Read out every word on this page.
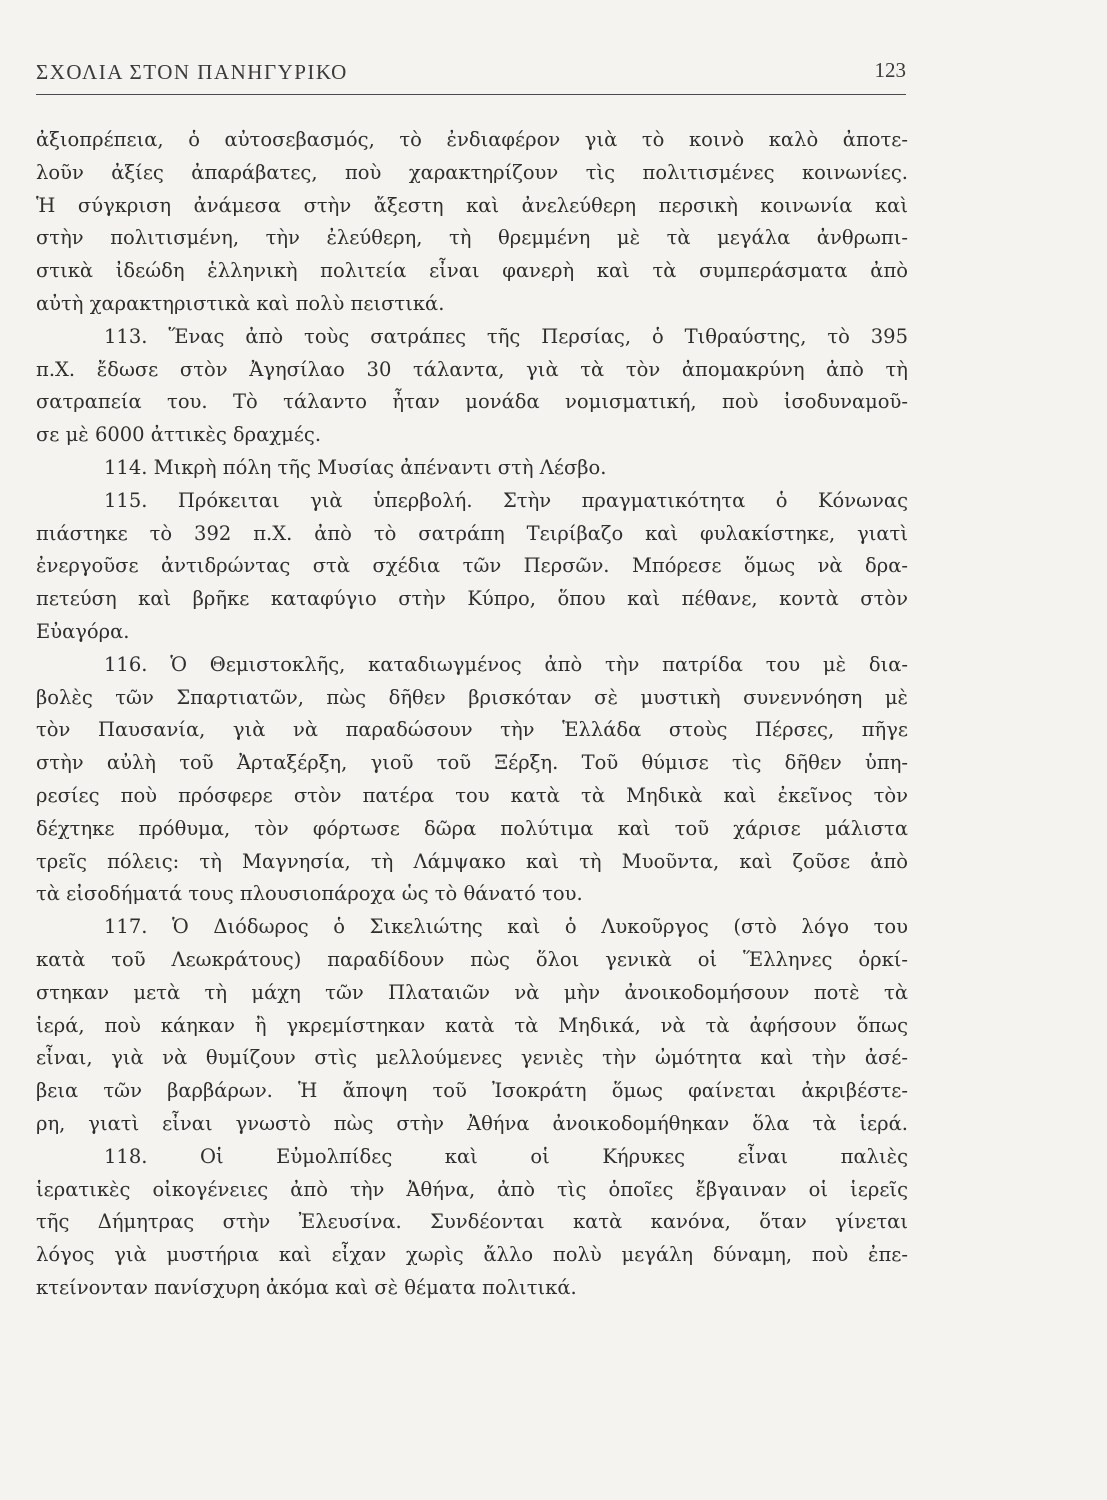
ΣΧΟΛΙΑ ΣΤΟΝ ΠΑΝΗΓΥΡΙΚΟ	123
ἀξιοπρέπεια, ὁ αὐτοσεβασμός, τὸ ἐνδιαφέρον γιὰ τὸ κοινὸ καλὸ ἀποτε-
λοῦν ἀξίες ἀπαράβατες, ποὺ χαρακτηρίζουν τὶς πολιτισμένες κοινωνίες.
Ἡ σύγκριση ἀνάμεσα στὴν ἄξεστη καὶ ἀνελεύθερη περσικὴ κοινωνία καὶ
στὴν πολιτισμένη, τὴν ἐλεύθερη, τὴ θρεμμένη μὲ τὰ μεγάλα ἀνθρωπι-
στικὰ ἰδεώδη ἑλληνικὴ πολιτεία εἶναι φανερὴ καὶ τὰ συμπεράσματα ἀπὸ
αὐτὴ χαρακτηριστικὰ καὶ πολὺ πειστικά.
113. Ἕνας ἀπὸ τοὺς σατράπες τῆς Περσίας, ὁ Τιθραύστης, τὸ 395
π.Χ. ἔδωσε στὸν Ἀγησίλαο 30 τάλαντα, γιὰ τὰ τὸν ἀπομακρύνη ἀπὸ τὴ
σατραπεία του. Τὸ τάλαντο ἦταν μονάδα νομισματική, ποὺ ἰσοδυναμοῦ-
σε μὲ 6000 ἀττικὲς δραχμές.
114. Μικρὴ πόλη τῆς Μυσίας ἀπέναντι στὴ Λέσβο.
115. Πρόκειται γιὰ ὑπερβολή. Στὴν πραγματικότητα ὁ Κόνωνας
πιάστηκε τὸ 392 π.Χ. ἀπὸ τὸ σατράπη Τειρίβαζο καὶ φυλακίστηκε, γιατὶ
ἐνεργοῦσε ἀντιδρώντας στὰ σχέδια τῶν Περσῶν. Μπόρεσε ὅμως νὰ δρα-
πετεύση καὶ βρῆκε καταφύγιο στὴν Κύπρο, ὅπου καὶ πέθανε, κοντὰ στὸν
Εὐαγόρα.
116. Ὁ Θεμιστοκλῆς, καταδιωγμένος ἀπὸ τὴν πατρίδα του μὲ δια-
βολὲς τῶν Σπαρτιατῶν, πὼς δῆθεν βρισκόταν σὲ μυστικὴ συνεννόηση μὲ
τὸν Παυσανία, γιὰ νὰ παραδώσουν τὴν Ἑλλάδα στοὺς Πέρσες, πῆγε
στὴν αὐλὴ τοῦ Ἀρταξέρξη, γιοῦ τοῦ Ξέρξη. Τοῦ θύμισε τὶς δῆθεν ὑπη-
ρεσίες ποὺ πρόσφερε στὸν πατέρα του κατὰ τὰ Μηδικὰ καὶ ἐκεῖνος τὸν
δέχτηκε πρόθυμα, τὸν φόρτωσε δῶρα πολύτιμα καὶ τοῦ χάρισε μάλιστα
τρεῖς πόλεις: τὴ Μαγνησία, τὴ Λάμψακο καὶ τὴ Μυοῦντα, καὶ ζοῦσε ἀπὸ
τὰ εἰσοδήματά τους πλουσιοπάροχα ὡς τὸ θάνατό του.
117. Ὁ Διόδωρος ὁ Σικελιώτης καὶ ὁ Λυκοῦργος (στὸ λόγο του
κατὰ τοῦ Λεωκράτους) παραδίδουν πὼς ὅλοι γενικὰ οἱ Ἕλληνες ὁρκί-
στηκαν μετὰ τὴ μάχη τῶν Πλαταιῶν νὰ μὴν ἀνοικοδομήσουν ποτὲ τὰ
ἱερά, ποὺ κάηκαν ἢ γκρεμίστηκαν κατὰ τὰ Μηδικά, νὰ τὰ ἀφήσουν ὅπως
εἶναι, γιὰ νὰ θυμίζουν στὶς μελλούμενες γενιὲς τὴν ὠμότητα καὶ τὴν ἀσέ-
βεια τῶν βαρβάρων. Ἡ ἄποψη τοῦ Ἰσοκράτη ὅμως φαίνεται ἀκριβέστε-
ρη, γιατὶ εἶναι γνωστὸ πὼς στὴν Ἀθήνα ἀνοικοδομήθηκαν ὅλα τὰ ἱερά.
118. Οἱ Εὐμολπίδες καὶ οἱ Κήρυκες εἶναι παλιὲς
ἱερατικὲς οἰκογένειες ἀπὸ τὴν Ἀθήνα, ἀπὸ τὶς ὁποῖες ἔβγαιναν οἱ ἱερεῖς
τῆς Δήμητρας στὴν Ἐλευσίνα. Συνδέονται κατὰ κανόνα, ὅταν γίνεται
λόγος γιὰ μυστήρια καὶ εἶχαν χωρὶς ἄλλο πολὺ μεγάλη δύναμη, ποὺ ἐπε-
κτείνονταν πανίσχυρη ἀκόμα καὶ σὲ θέματα πολιτικά.
